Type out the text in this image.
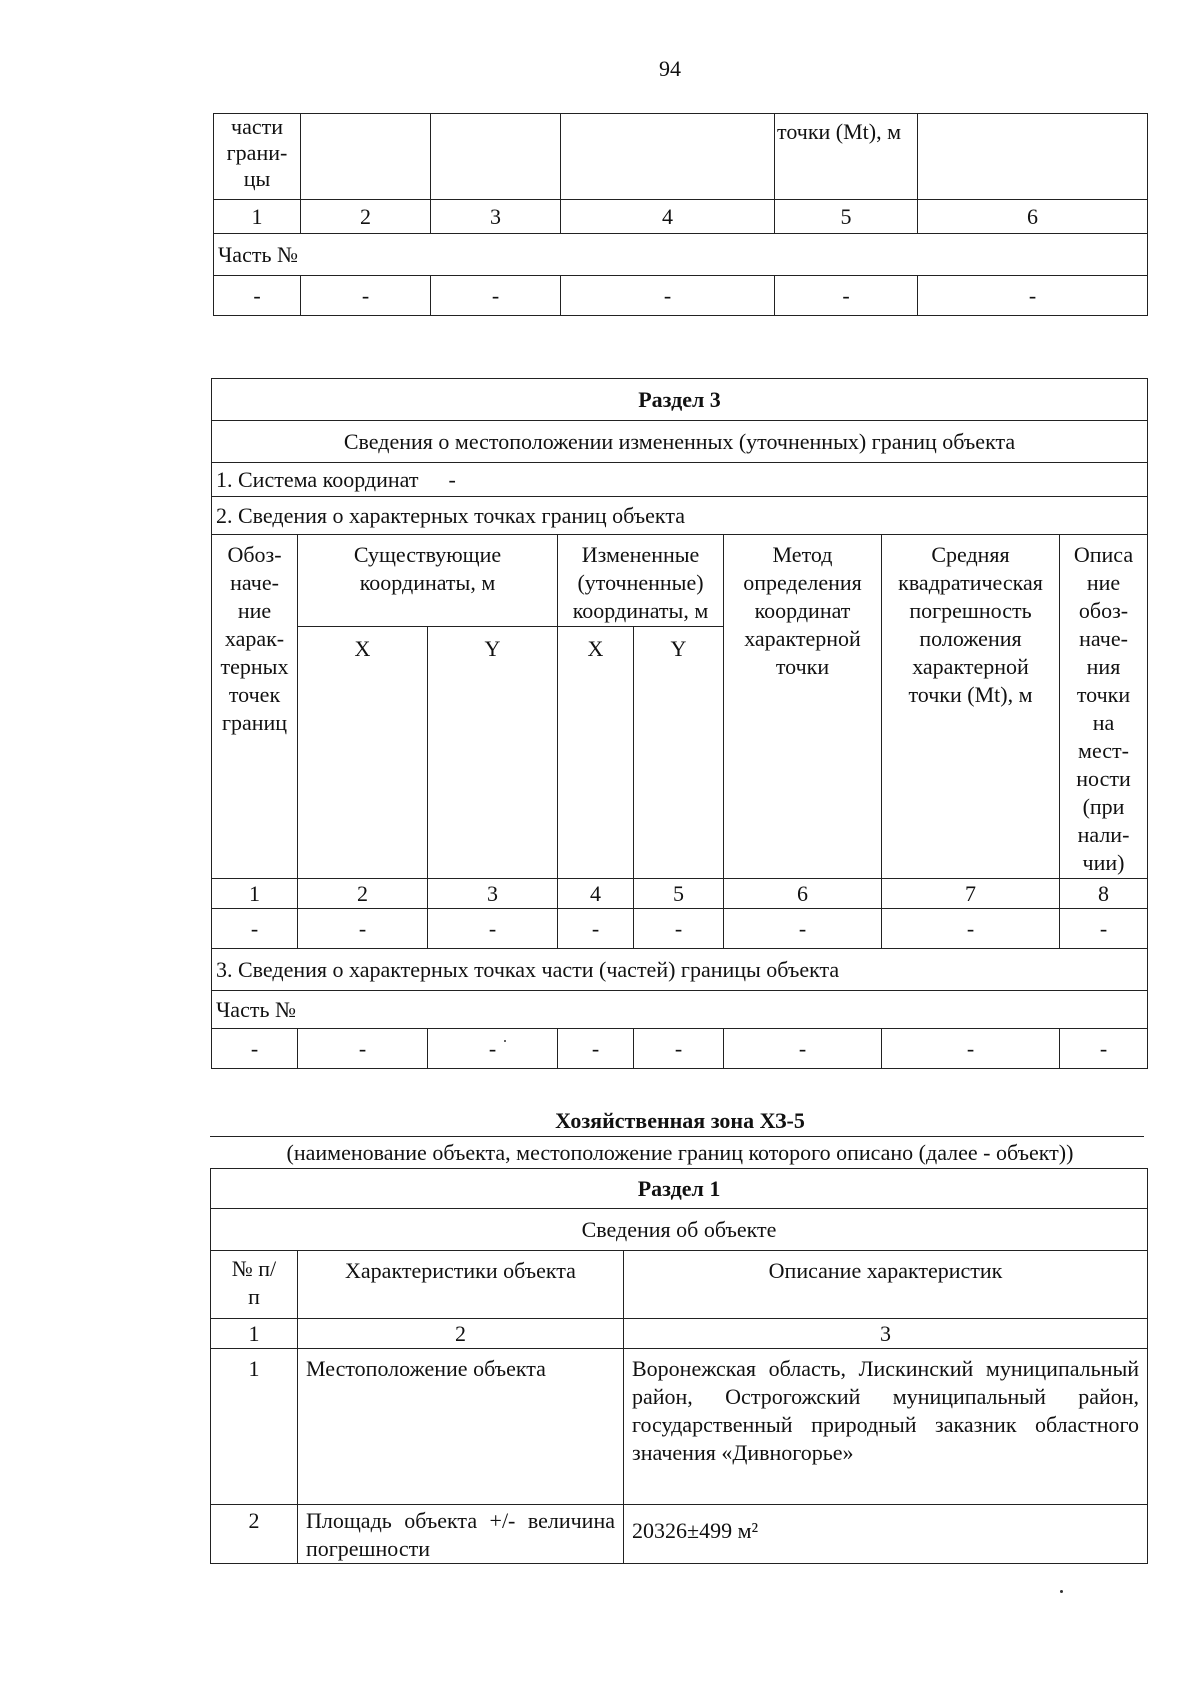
94
части грани-цы				точки (Mt), м	
1	2	3	4	5	6
Часть №					
-	-	-	-	-	-
Раздел 3							
Сведения о местоположении измененных (уточненных) границ объекта							
1. Система координат -							
2. Сведения о характерных точках границ объекта							
Обоз-наче-ние харак-терных точек границ	Существующие координаты, м		Измененные (уточненные) координаты, м		Метод определения координат характерной точки	Средняя квадратическая погрешность положения характерной точки (Mt), м	Описа ние обоз-наче-ния точки на мест-ности (при нали-чии)
	X	Y	X	Y			
1	2	3	4	5	6	7	8
-	-	-	-	-	-	-	-
3. Сведения о характерных точках части (частей) границы объекта							
Часть №							
-	-	-	-	-	-	-	-
Хозяйственная зона ХЗ-5
(наименование объекта, местоположение границ которого описано (далее - объект))
Раздел 1		
Сведения об объекте		
№ п/п	Характеристики объекта	Описание характеристик
1	2	3
1	Местоположение объекта	Воронежская область, Лискинский муниципальный район, Острогожский муниципальный район, государственный природный заказник областного значения «Дивногорье»

2	Площадь объекта +/- величина погрешности	20326±499 м²
